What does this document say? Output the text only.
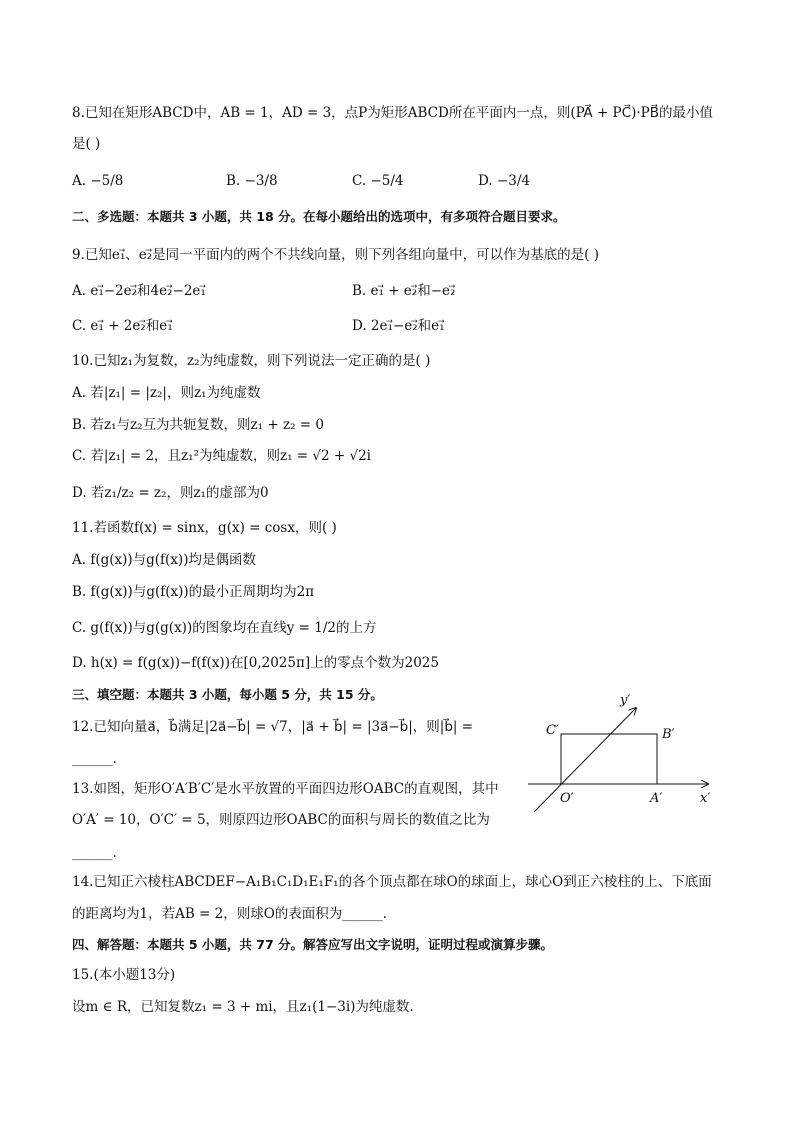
8.已知在矩形ABCD中，AB = 1，AD = 3，点P为矩形ABCD所在平面内一点，则(PA⃗ + PC⃗)·PB⃗的最小值
是( )
A. −5/8	B. −3/8	C. −5/4	D. −3/4
二、多选题：本题共 3 小题，共 18 分。在每小题给出的选项中，有多项符合题目要求。
9.已知e₁⃗、e₂⃗是同一平面内的两个不共线向量，则下列各组向量中，可以作为基底的是( )
A. e₁⃗−2e₂⃗和4e₂⃗−2e₁⃗	B. e₁⃗ + e₂⃗和−e₂⃗
C. e₁⃗ + 2e₂⃗和e₁⃗	D. 2e₁⃗−e₂⃗和e₁⃗
10.已知z₁为复数，z₂为纯虚数，则下列说法一定正确的是( )
A. 若|z₁| = |z₂|，则z₁为纯虚数
B. 若z₁与z₂互为共轭复数，则z₁ + z₂ = 0
C. 若|z₁| = 2，且z₁²为纯虚数，则z₁ = √2 + √2i
D. 若z₁/z₂ = z₂，则z₁的虚部为0
11.若函数f(x) = sinx，g(x) = cosx，则( )
A. f(g(x))与g(f(x))均是偶函数
B. f(g(x))与g(f(x))的最小正周期均为2π
C. g(f(x))与g(g(x))的图象均在直线y = 1/2的上方
D. h(x) = f(g(x))−f(f(x))在[0,2025π]上的零点个数为2025
三、填空题：本题共 3 小题，每小题 5 分，共 15 分。
12.已知向量a⃗，b⃗满足|2a⃗−b⃗| = √7，|a⃗ + b⃗| = |3a⃗−b⃗|，则|b⃗| =
______.
13.如图，矩形O′A′B′C′是水平放置的平面四边形OABC的直观图，其中
O′A′ = 10，O′C′ = 5，则原四边形OABC的面积与周长的数值之比为
______.
y′
C′	B′
O′	A′	x′
14.已知正六棱柱ABCDEF−A₁B₁C₁D₁E₁F₁的各个顶点都在球O的球面上，球心O到正六棱柱的上、下底面
的距离均为1，若AB = 2，则球O的表面积为______.
四、解答题：本题共 5 小题，共 77 分。解答应写出文字说明，证明过程或演算步骤。
15.(本小题13分)
设m ∈ R，已知复数z₁ = 3 + mi，且z₁(1−3i)为纯虚数.
